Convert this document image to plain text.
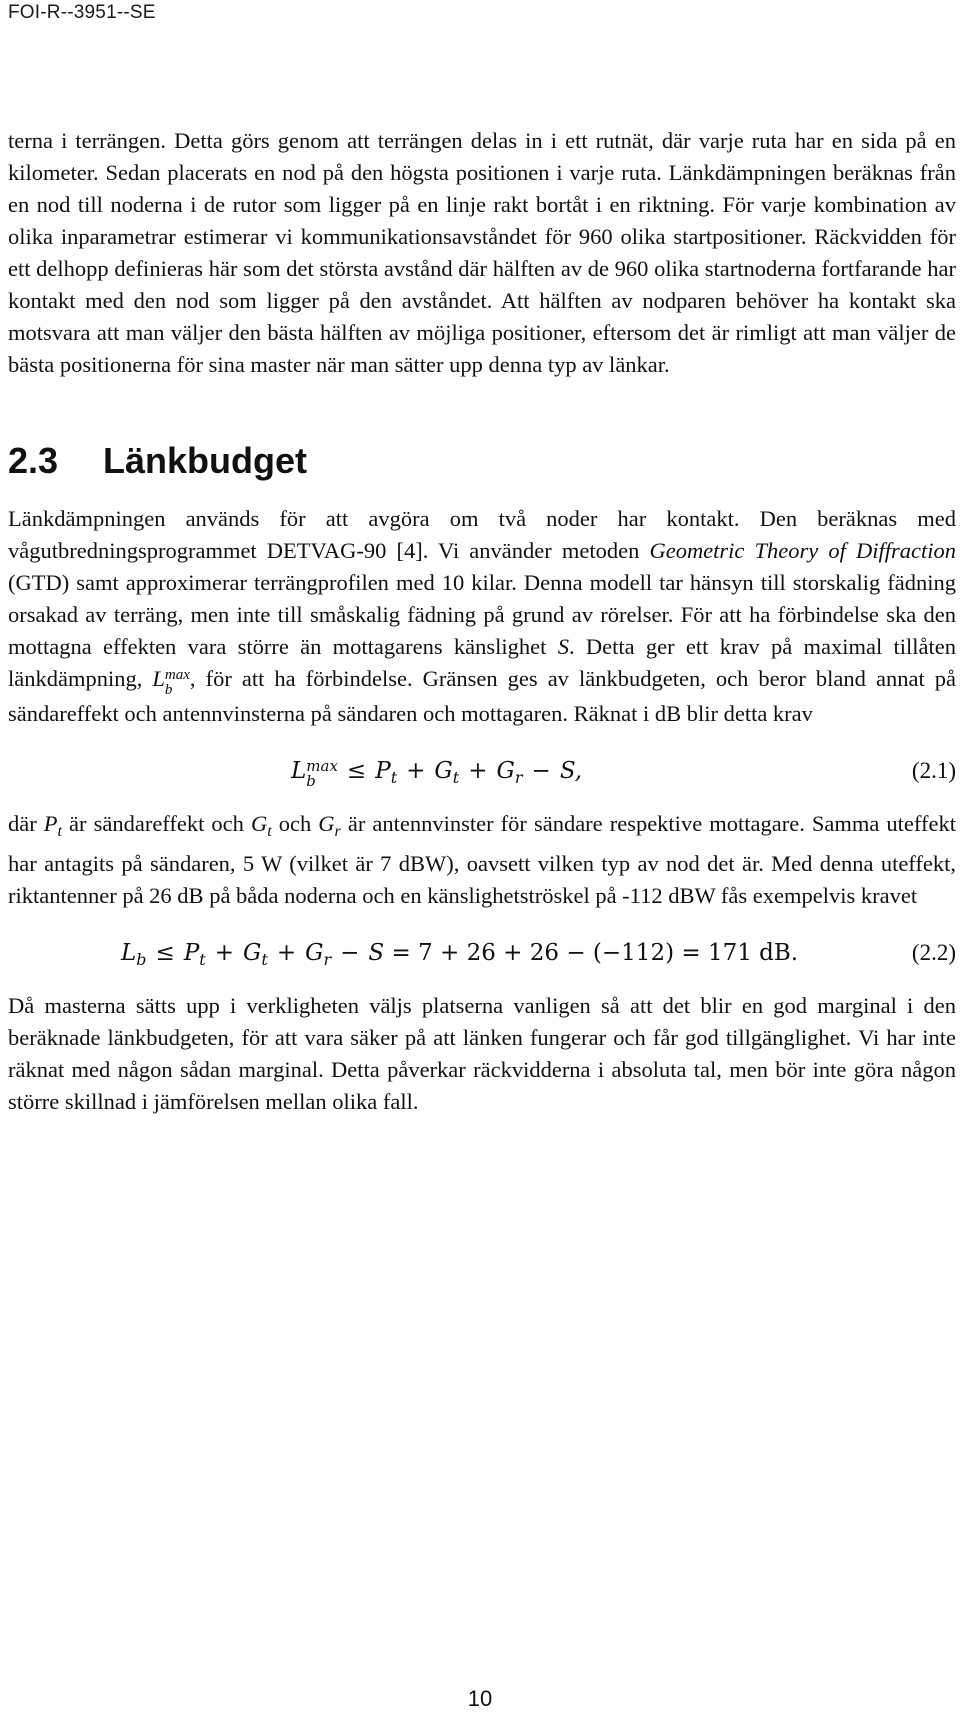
FOI-R--3951--SE

terna i terrängen. Detta görs genom att terrängen delas in i ett rutnät, där varje ruta har en sida på en kilometer. Sedan placerats en nod på den högsta positionen i varje ruta. Länkdämpningen beräknas från en nod till noderna i de rutor som ligger på en linje rakt bortåt i en riktning. För varje kombination av olika inparametrar estimerar vi kommunikationsavståndet för 960 olika startpositioner. Räckvidden för ett delhopp definieras här som det största avstånd där hälften av de 960 olika startnoderna fortfarande har kontakt med den nod som ligger på den avståndet. Att hälften av nodparen behöver ha kontakt ska motsvara att man väljer den bästa hälften av möjliga positioner, eftersom det är rimligt att man väljer de bästa positionerna för sina master när man sätter upp denna typ av länkar.

2.3 Länkbudget

Länkdämpningen används för att avgöra om två noder har kontakt. Den beräknas med vågutbredningsprogrammet DETVAG-90 [4]. Vi använder metoden Geometric Theory of Diffraction (GTD) samt approximerar terrängprofilen med 10 kilar. Denna modell tar hänsyn till storskalig fädning orsakad av terräng, men inte till småskalig fädning på grund av rörelser. För att ha förbindelse ska den mottagna effekten vara större än mottagarens känslighet S. Detta ger ett krav på maximal tillåten länkdämpning, L max
b , för att ha förbindelse. Gränsen ges av länkbudgeten, och beror bland annat på sändareffekt och antennvinsterna på sändaren och mottagaren. Räknat i dB blir detta krav

L max
b	≤ $P_t + G_t + G_r - S$,	(2.1)

där $P_t$ är sändareffekt och $G_t$ och $G_r$ är antennvinster för sändare respektive mottagare. Samma uteffekt har antagits på sändaren, 5 W (vilket är 7 dBW), oavsett vilken typ av nod det är. Med denna uteffekt, riktantenner på 26 dB på båda noderna och en känslighetströskel på -112 dBW fås exempelvis kravet

$L_b \le P_t + G_t + G_r - S = 7 + 26 + 26 - (-112) = 171$ dB.	(2.2)

Då masterna sätts upp i verkligheten väljs platserna vanligen så att det blir en god marginal i den beräknade länkbudgeten, för att vara säker på att länken fungerar och får god tillgänglighet. Vi har inte räknat med någon sådan marginal. Detta påverkar räckvidderna i absoluta tal, men bör inte göra någon större skillnad i jämförelsen mellan olika fall.

10
